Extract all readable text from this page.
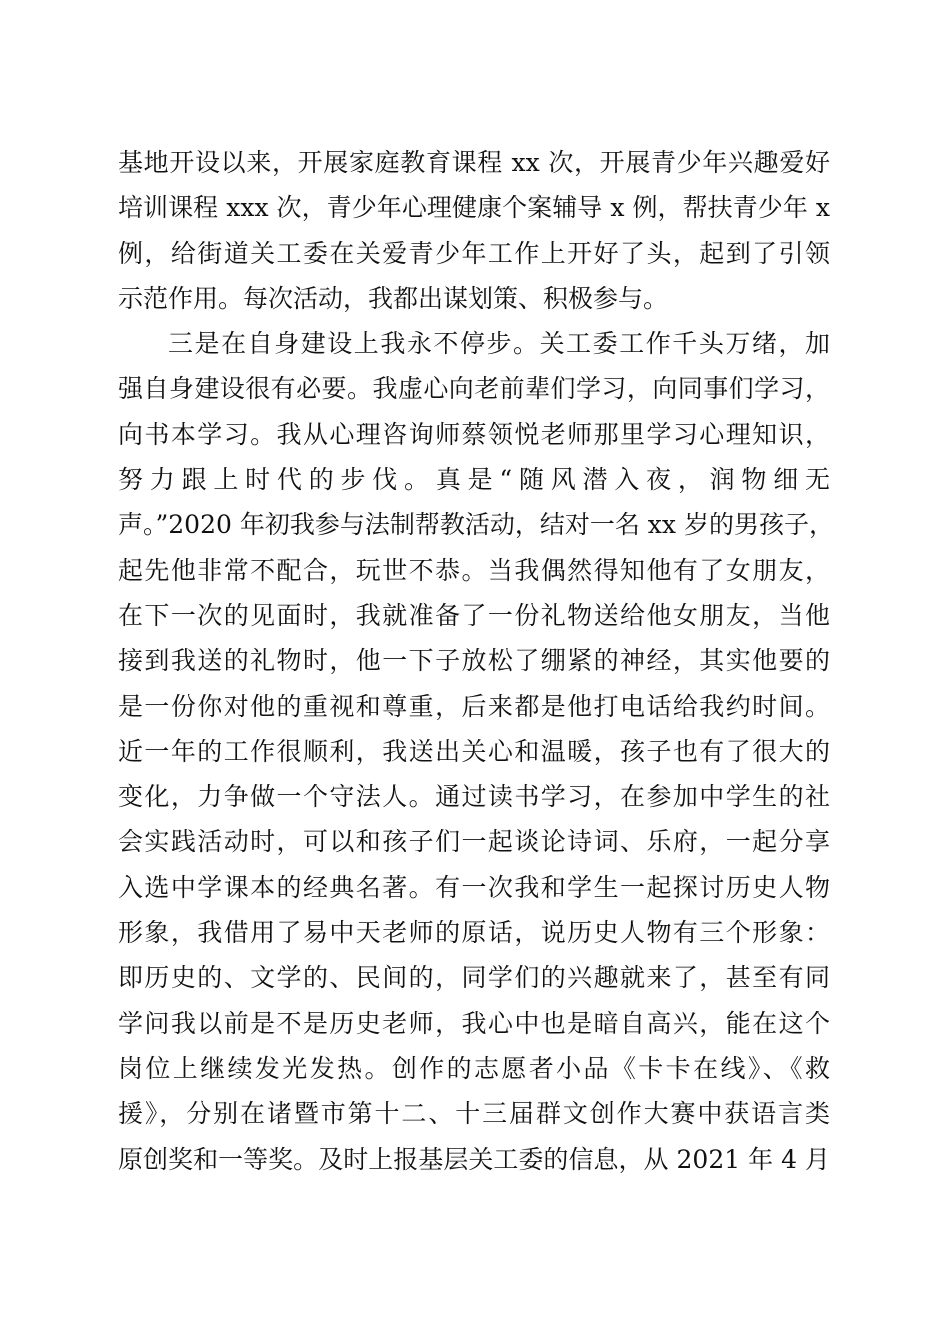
基地开设以来，开展家庭教育课程 xx 次，开展青少年兴趣爱好
培训课程 xxx 次，青少年心理健康个案辅导 x 例，帮扶青少年 x
例，给街道关工委在关爱青少年工作上开好了头，起到了引领
示范作用。每次活动，我都出谋划策、积极参与。
三是在自身建设上我永不停步。关工委工作千头万绪，加
强自身建设很有必要。我虚心向老前辈们学习，向同事们学习，
向书本学习。我从心理咨询师蔡领悦老师那里学习心理知识，
努力跟上时代的步伐。真是“随风潜入夜，润物细无
声。”2020 年初我参与法制帮教活动，结对一名 xx 岁的男孩子，
起先他非常不配合，玩世不恭。当我偶然得知他有了女朋友，
在下一次的见面时，我就准备了一份礼物送给他女朋友，当他
接到我送的礼物时，他一下子放松了绷紧的神经，其实他要的
是一份你对他的重视和尊重，后来都是他打电话给我约时间。
近一年的工作很顺利，我送出关心和温暖，孩子也有了很大的
变化，力争做一个守法人。通过读书学习，在参加中学生的社
会实践活动时，可以和孩子们一起谈论诗词、乐府，一起分享
入选中学课本的经典名著。有一次我和学生一起探讨历史人物
形象，我借用了易中天老师的原话，说历史人物有三个形象：
即历史的、文学的、民间的，同学们的兴趣就来了，甚至有同
学问我以前是不是历史老师，我心中也是暗自高兴，能在这个
岗位上继续发光发热。创作的志愿者小品《卡卡在线》、《救
援》，分别在诸暨市第十二、十三届群文创作大赛中获语言类
原创奖和一等奖。及时上报基层关工委的信息，从 2021 年 4 月
